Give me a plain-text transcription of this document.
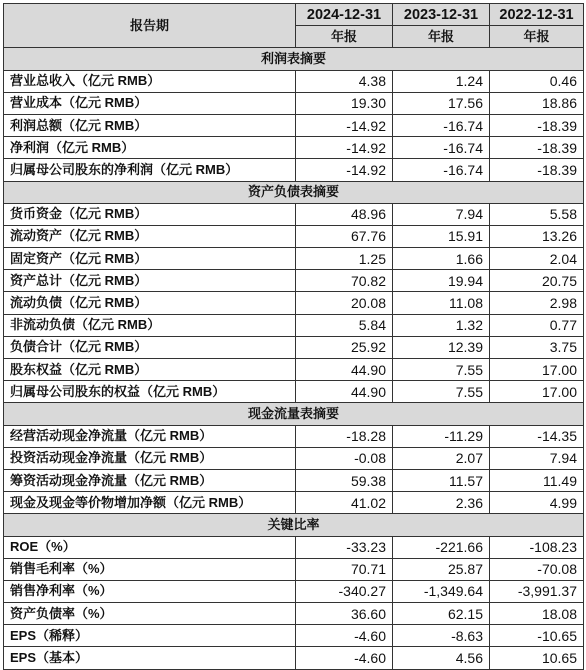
报告期	2024-12-31	2023-12-31	2022-12-31
	年报	年报	年报
利润表摘要			
营业总收入（亿元 RMB）	4.38	1.24	0.46
营业成本（亿元 RMB）	19.30	17.56	18.86
利润总额（亿元 RMB）	-14.92	-16.74	-18.39
净利润（亿元 RMB）	-14.92	-16.74	-18.39
归属母公司股东的净利润（亿元 RMB）	-14.92	-16.74	-18.39
资产负债表摘要			
货币资金（亿元 RMB）	48.96	7.94	5.58
流动资产（亿元 RMB）	67.76	15.91	13.26
固定资产（亿元 RMB）	1.25	1.66	2.04
资产总计（亿元 RMB）	70.82	19.94	20.75
流动负债（亿元 RMB）	20.08	11.08	2.98
非流动负债（亿元 RMB）	5.84	1.32	0.77
负债合计（亿元 RMB）	25.92	12.39	3.75
股东权益（亿元 RMB）	44.90	7.55	17.00
归属母公司股东的权益（亿元 RMB）	44.90	7.55	17.00
现金流量表摘要			
经营活动现金净流量（亿元 RMB）	-18.28	-11.29	-14.35
投资活动现金净流量（亿元 RMB）	-0.08	2.07	7.94
筹资活动现金净流量（亿元 RMB）	59.38	11.57	11.49
现金及现金等价物增加净额（亿元 RMB）	41.02	2.36	4.99
关键比率			
ROE（%）	-33.23	-221.66	-108.23
销售毛利率（%）	70.71	25.87	-70.08
销售净利率（%）	-340.27	-1,349.64	-3,991.37
资产负债率（%）	36.60	62.15	18.08
EPS（稀释）	-4.60	-8.63	-10.65
EPS（基本）	-4.60	4.56	10.65
